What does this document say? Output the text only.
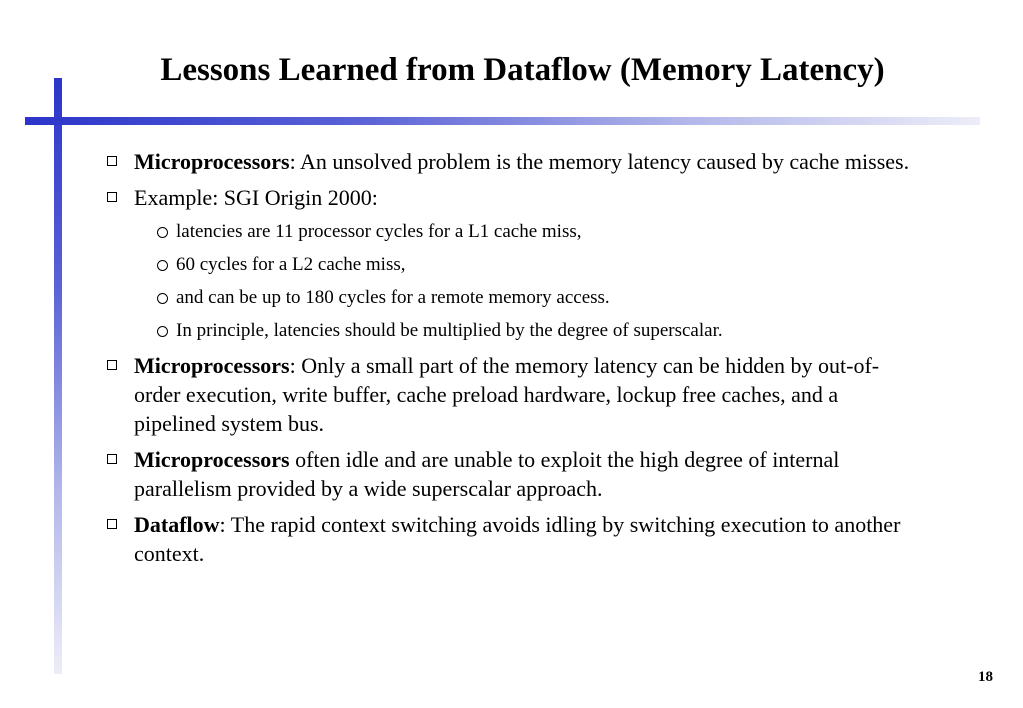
Lessons Learned from Dataflow (Memory Latency)
Microprocessors: An unsolved problem is the memory latency caused by cache misses.
Example: SGI Origin 2000:
latencies are 11 processor cycles for a L1 cache miss,
60 cycles for a L2 cache miss,
and can be up to 180 cycles for a remote memory access.
In principle, latencies should be multiplied by the degree of superscalar.
Microprocessors: Only a small part of the memory latency can be hidden by out-of-order execution, write buffer, cache preload hardware, lockup free caches, and a pipelined system bus.
Microprocessors often idle and are unable to exploit the high degree of internal parallelism provided by a wide superscalar approach.
Dataflow: The rapid context switching avoids idling by switching execution to another context.
18
